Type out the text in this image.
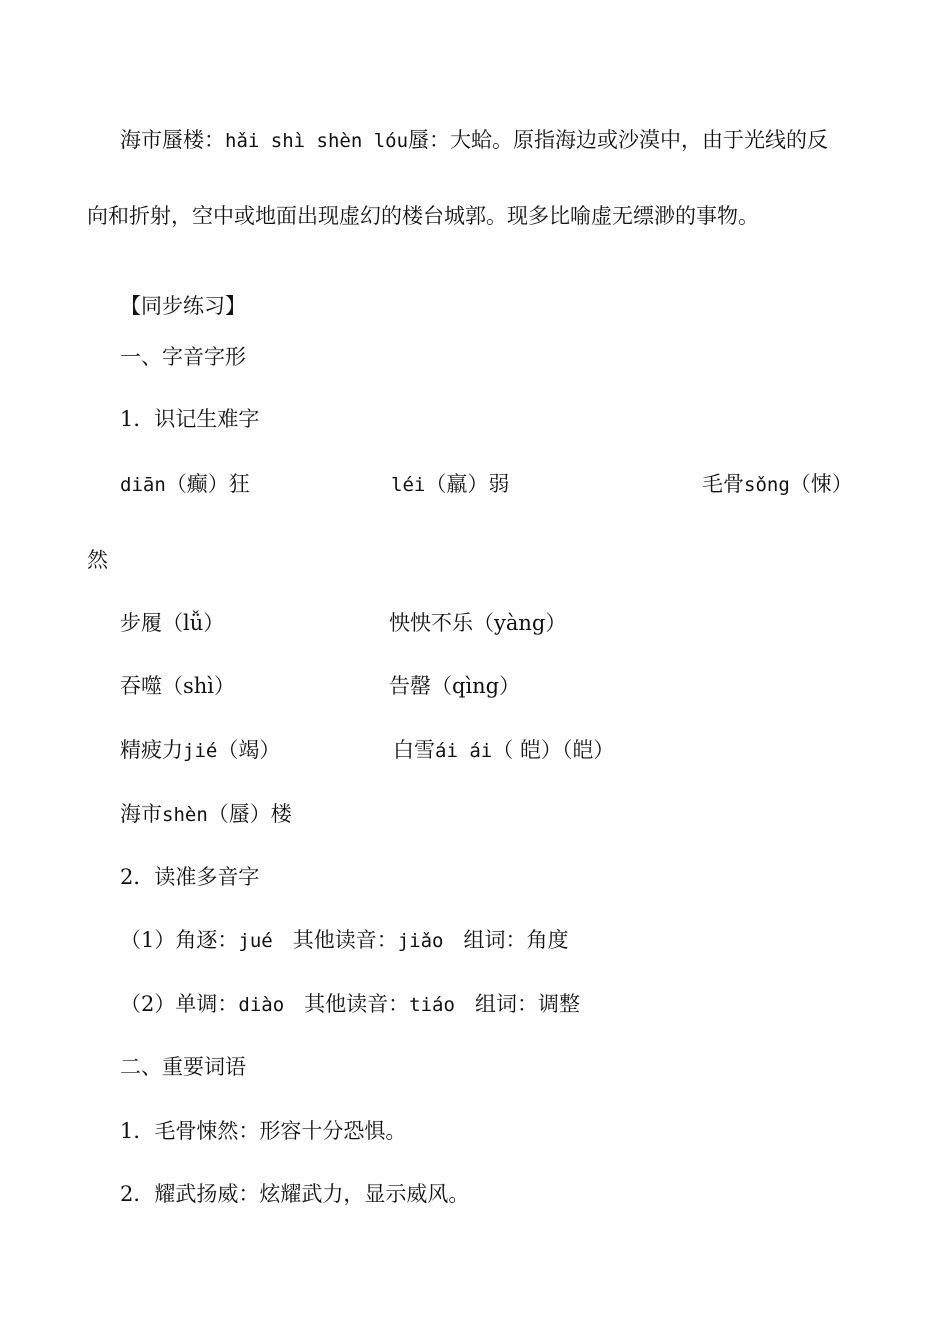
海市蜃楼：hǎi shì shèn lóu蜃：大蛤。原指海边或沙漠中，由于光线的反
向和折射，空中或地面出现虚幻的楼台城郭。现多比喻虚无缥渺的事物。
【同步练习】
一、字音字形
1．识记生难字
diān（癫）狂	léi（羸）弱	毛骨sǒng（悚）
然
步履（lǚ）	怏怏不乐（yàng）
吞噬（shì）	告罄（qìng）
精疲力jié（竭）	白雪ái ái（ 皑）（皑）
海市shèn（蜃）楼
2．读准多音字
（1）角逐：jué 其他读音：jiǎo 组词：角度
（2）单调：diào 其他读音：tiáo 组词：调整
二、重要词语
1．毛骨悚然：形容十分恐惧。
2．耀武扬威：炫耀武力，显示威风。
